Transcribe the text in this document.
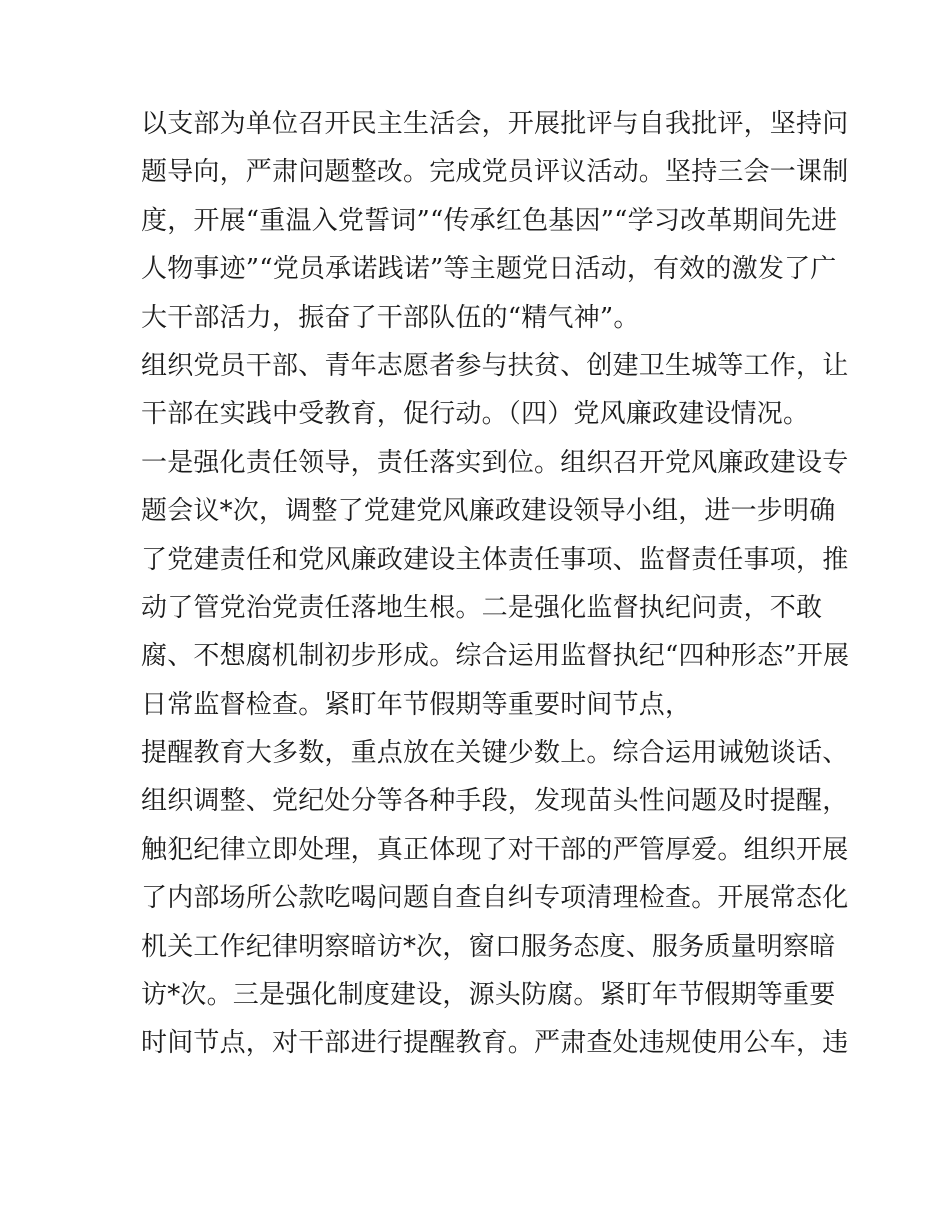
以支部为单位召开民主生活会，开展批评与自我批评，坚持问
题导向，严肃问题整改。完成党员评议活动。坚持三会一课制
度，开展“重温入党誓词”“传承红色基因”“学习改革期间先进
人物事迹”“党员承诺践诺”等主题党日活动，有效的激发了广
大干部活力，振奋了干部队伍的“精气神”。
组织党员干部、青年志愿者参与扶贫、创建卫生城等工作，让
干部在实践中受教育，促行动。（四）党风廉政建设情况。
一是强化责任领导，责任落实到位。组织召开党风廉政建设专
题会议*次，调整了党建党风廉政建设领导小组，进一步明确
了党建责任和党风廉政建设主体责任事项、监督责任事项，推
动了管党治党责任落地生根。二是强化监督执纪问责，不敢
腐、不想腐机制初步形成。综合运用监督执纪“四种形态”开展
日常监督检查。紧盯年节假期等重要时间节点，
提醒教育大多数，重点放在关键少数上。综合运用诫勉谈话、
组织调整、党纪处分等各种手段，发现苗头性问题及时提醒，
触犯纪律立即处理，真正体现了对干部的严管厚爱。组织开展
了内部场所公款吃喝问题自查自纠专项清理检查。开展常态化
机关工作纪律明察暗访*次，窗口服务态度、服务质量明察暗
访*次。三是强化制度建设，源头防腐。紧盯年节假期等重要
时间节点，对干部进行提醒教育。严肃查处违规使用公车，违
